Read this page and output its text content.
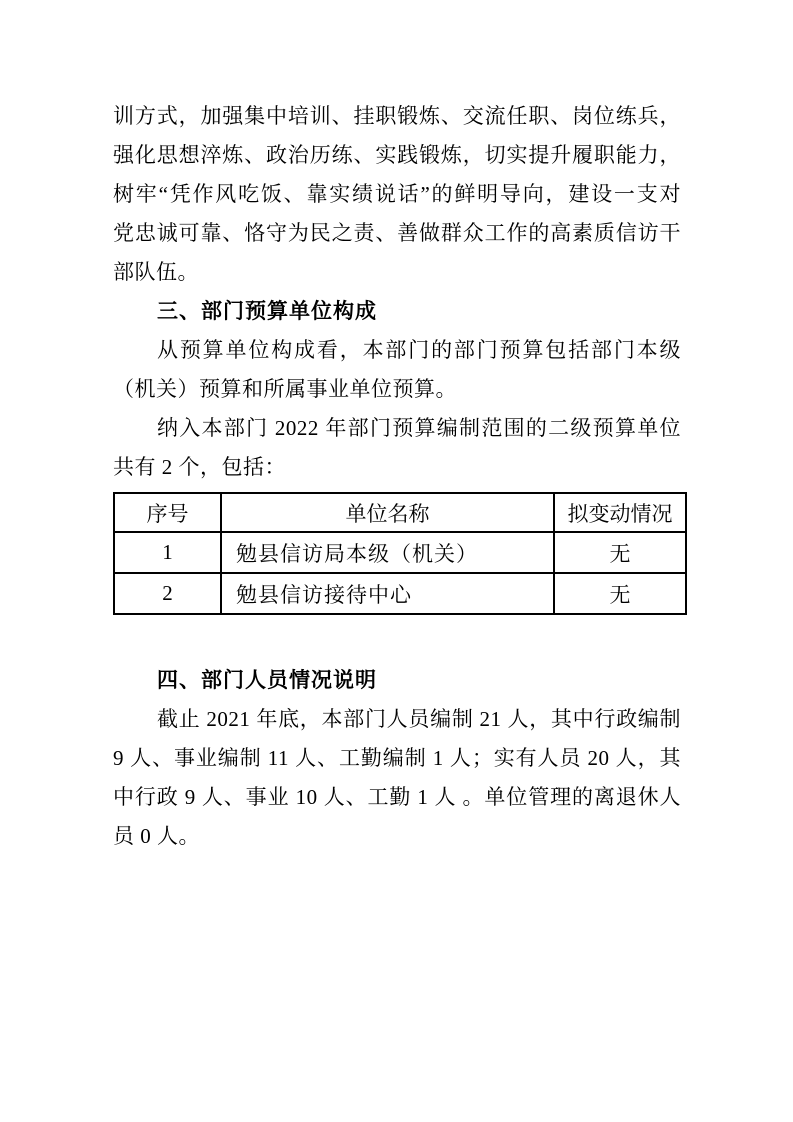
训方式，加强集中培训、挂职锻炼、交流任职、岗位练兵，
强化思想淬炼、政治历练、实践锻炼，切实提升履职能力，
树牢“凭作风吃饭、靠实绩说话”的鲜明导向，建设一支对
党忠诚可靠、恪守为民之责、善做群众工作的高素质信访干
部队伍。
三、部门预算单位构成
从预算单位构成看，本部门的部门预算包括部门本级
（机关）预算和所属事业单位预算。
纳入本部门 2022 年部门预算编制范围的二级预算单位
共有 2 个，包括：
序号	单位名称	拟变动情况
1	勉县信访局本级（机关）	无
2	勉县信访接待中心	无
四、部门人员情况说明
截止 2021 年底，本部门人员编制 21 人，其中行政编制
9 人、事业编制 11 人、工勤编制 1 人；实有人员 20 人，其
中行政 9 人、事业 10 人、工勤 1 人 。单位管理的离退休人
员 0 人。
